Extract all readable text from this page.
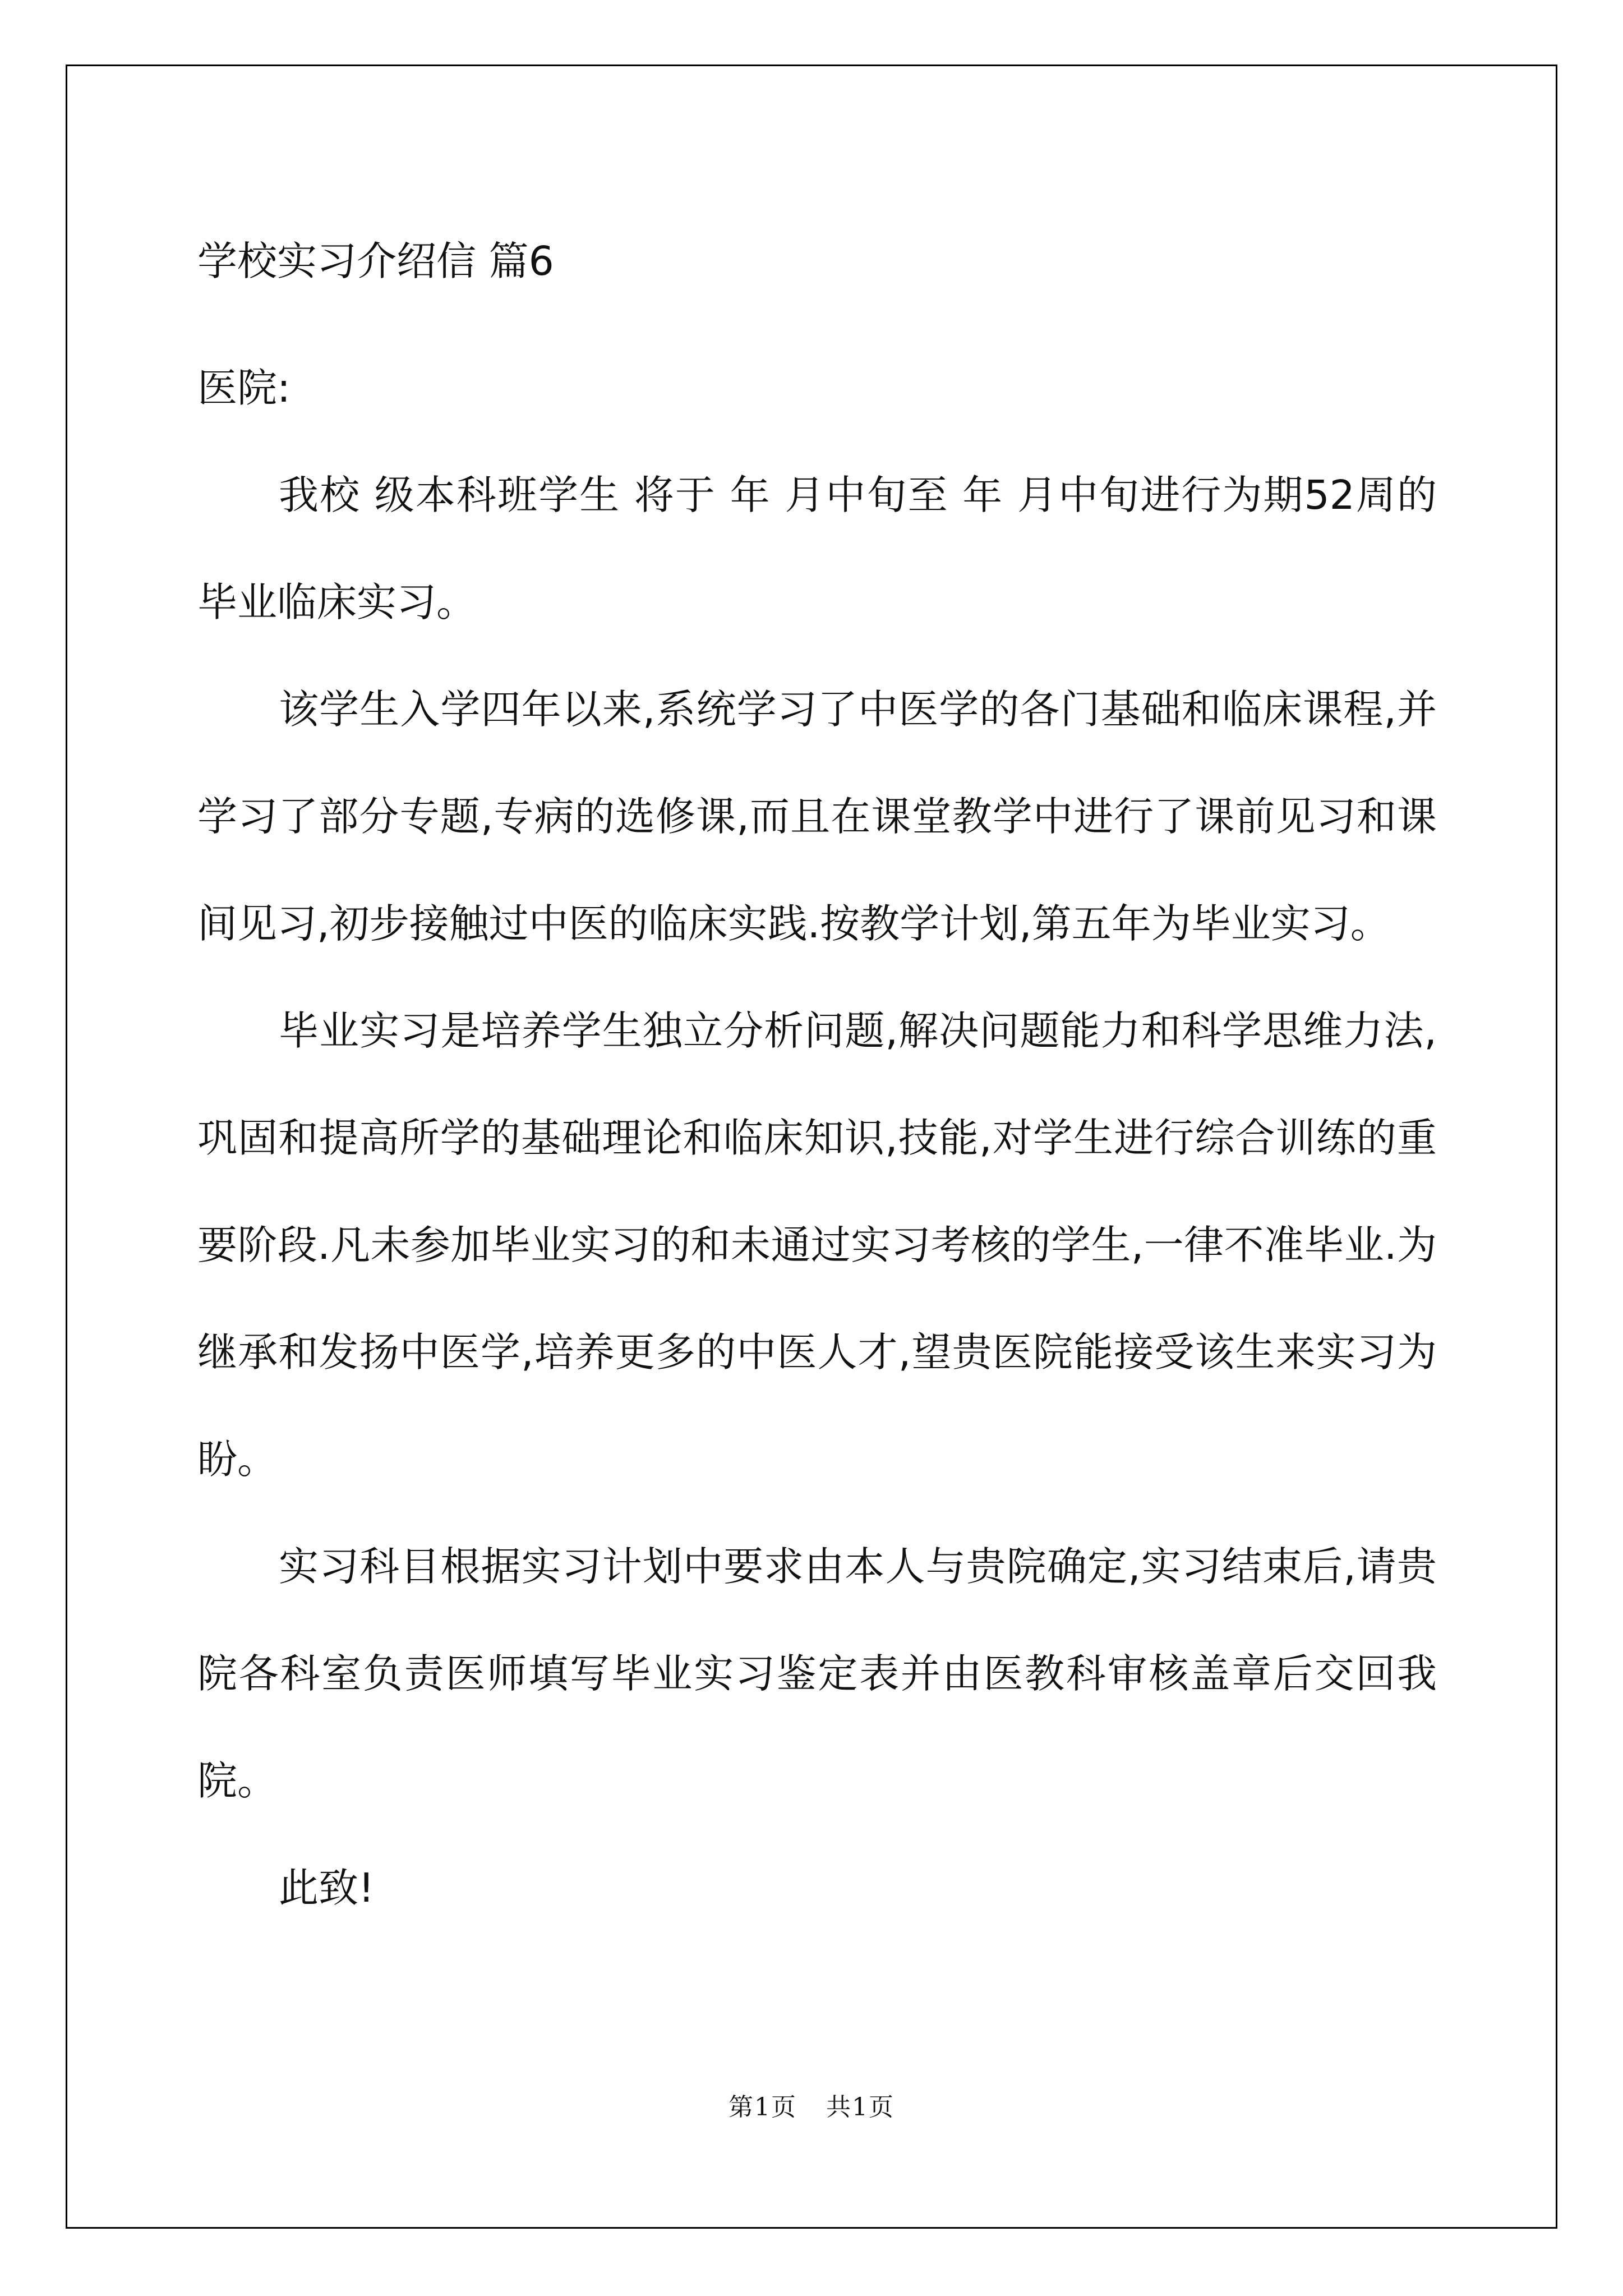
学校实习介绍信 篇6

医院:

我校 级本科班学生 将于 年 月中旬至 年 月中旬进行为期52周的毕业临床实习。

该学生入学四年以来,系统学习了中医学的各门基础和临床课程,并学习了部分专题,专病的选修课,而且在课堂教学中进行了课前见习和课间见习,初步接触过中医的临床实践.按教学计划,第五年为毕业实习。

毕业实习是培养学生独立分析问题,解决问题能力和科学思维力法,巩固和提高所学的基础理论和临床知识,技能,对学生进行综合训练的重要阶段.凡未参加毕业实习的和未通过实习考核的学生,一律不准毕业.为继承和发扬中医学,培养更多的中医人才,望贵医院能接受该生来实习为盼。

实习科目根据实习计划中要求由本人与贵院确定,实习结束后,请贵院各科室负责医师填写毕业实习鉴定表并由医教科审核盖章后交回我院。

此致!

第1页 共1页
